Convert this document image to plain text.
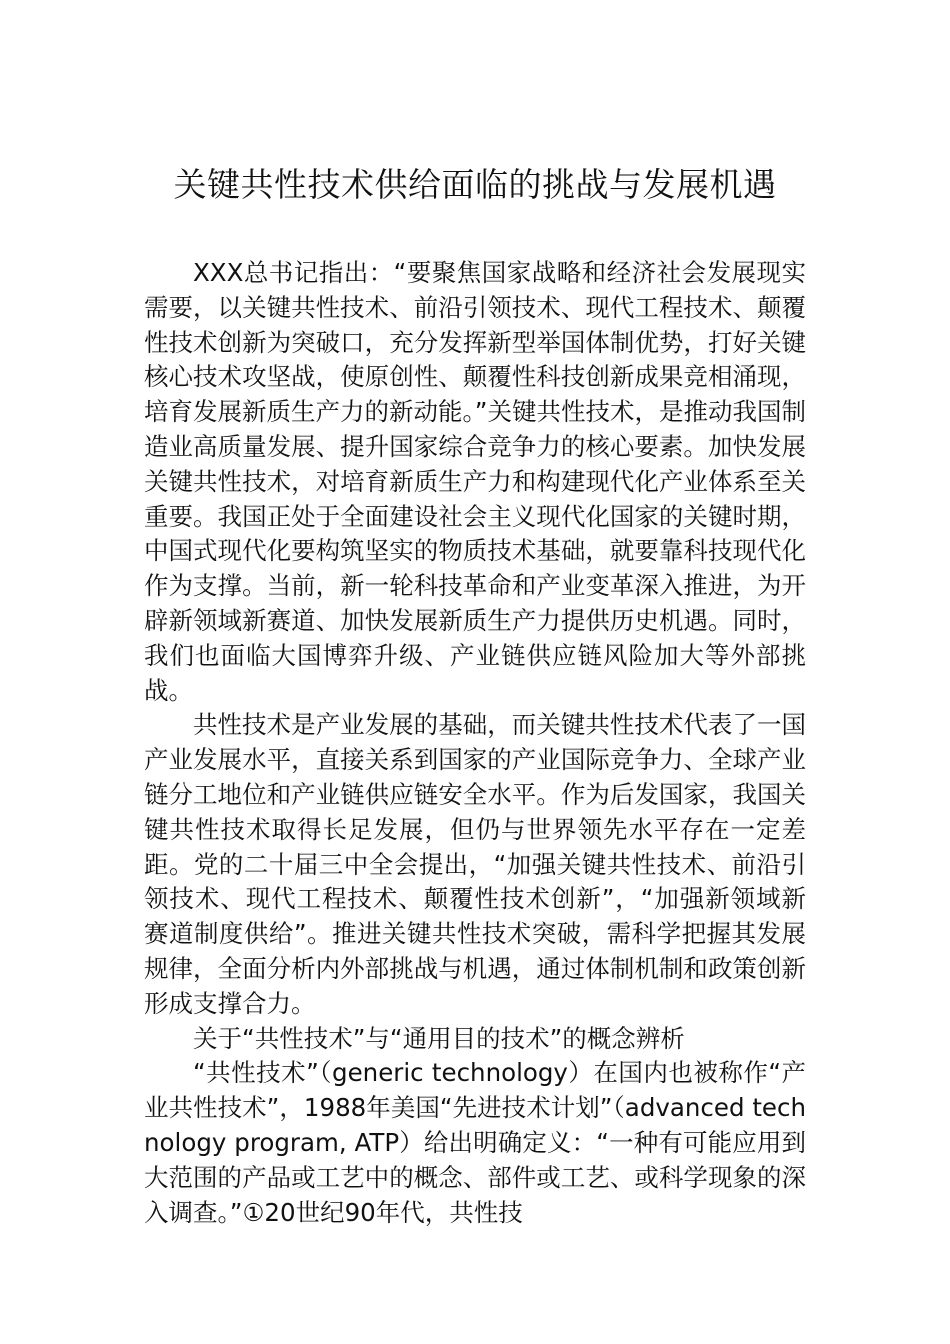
关键共性技术供给面临的挑战与发展机遇

XXX总书记指出：“要聚焦国家战略和经济社会发展现实需要，以关键共性技术、前沿引领技术、现代工程技术、颠覆性技术创新为突破口，充分发挥新型举国体制优势，打好关键核心技术攻坚战，使原创性、颠覆性科技创新成果竞相涌现，培育发展新质生产力的新动能。”关键共性技术，是推动我国制造业高质量发展、提升国家综合竞争力的核心要素。加快发展关键共性技术，对培育新质生产力和构建现代化产业体系至关重要。我国正处于全面建设社会主义现代化国家的关键时期，中国式现代化要构筑坚实的物质技术基础，就要靠科技现代化作为支撑。当前，新一轮科技革命和产业变革深入推进，为开辟新领域新赛道、加快发展新质生产力提供历史机遇。同时，我们也面临大国博弈升级、产业链供应链风险加大等外部挑战。

共性技术是产业发展的基础，而关键共性技术代表了一国产业发展水平，直接关系到国家的产业国际竞争力、全球产业链分工地位和产业链供应链安全水平。作为后发国家，我国关键共性技术取得长足发展，但仍与世界领先水平存在一定差距。党的二十届三中全会提出，“加强关键共性技术、前沿引领技术、现代工程技术、颠覆性技术创新”，“加强新领域新赛道制度供给”。推进关键共性技术突破，需科学把握其发展规律，全面分析内外部挑战与机遇，通过体制机制和政策创新形成支撑合力。

关于“共性技术”与“通用目的技术”的概念辨析

“共性技术”（generic technology）在国内也被称作“产业共性技术”，1988年美国“先进技术计划”（advanced technology program, ATP）给出明确定义：“一种有可能应用到大范围的产品或工艺中的概念、部件或工艺、或科学现象的深入调查。”①20世纪90年代，共性技
